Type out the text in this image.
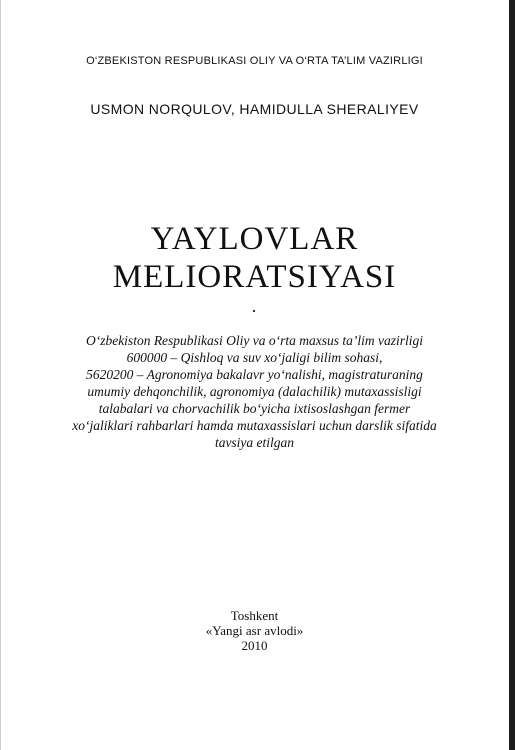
O‘ZBEKISTON RESPUBLIKASI OLIY VA O‘RTA TA’LIM VAZIRLIGI
USMON NORQULOV, HAMIDULLA SHERALIYEV
YAYLOVLAR
MELIORATSIYASI
O‘zbekiston Respublikasi Oliy va o‘rta maxsus ta’lim vazirligi
600000 – Qishloq va suv xo‘jaligi bilim sohasi,
5620200 – Agronomiya bakalavr yo‘nalishi, magistraturaning
umumiy dehqonchilik, agronomiya (dalachilik) mutaxassisligi
talabalari va chorvachilik bo‘yicha ixtisoslashgan fermer
xo‘jaliklari rahbarlari hamda mutaxassislari uchun darslik sifatida
tavsiya etilgan
Toshkent
«Yangi asr avlodi»
2010
